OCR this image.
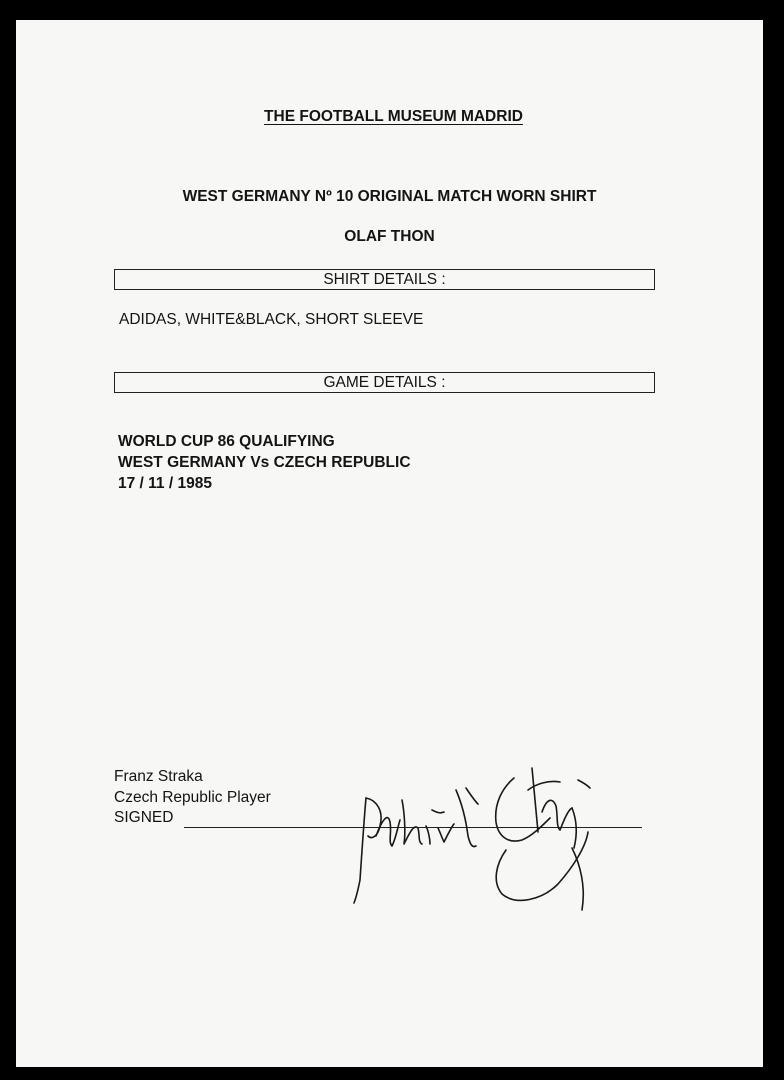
THE FOOTBALL MUSEUM MADRID

WEST GERMANY Nº 10 ORIGINAL MATCH WORN SHIRT

OLAF THON

SHIRT DETAILS :

ADIDAS, WHITE&BLACK, SHORT SLEEVE

GAME DETAILS :

WORLD CUP 86 QUALIFYING

WEST GERMANY Vs CZECH REPUBLIC

17 / 11 / 1985

Franz Straka

Czech Republic Player

SIGNED
